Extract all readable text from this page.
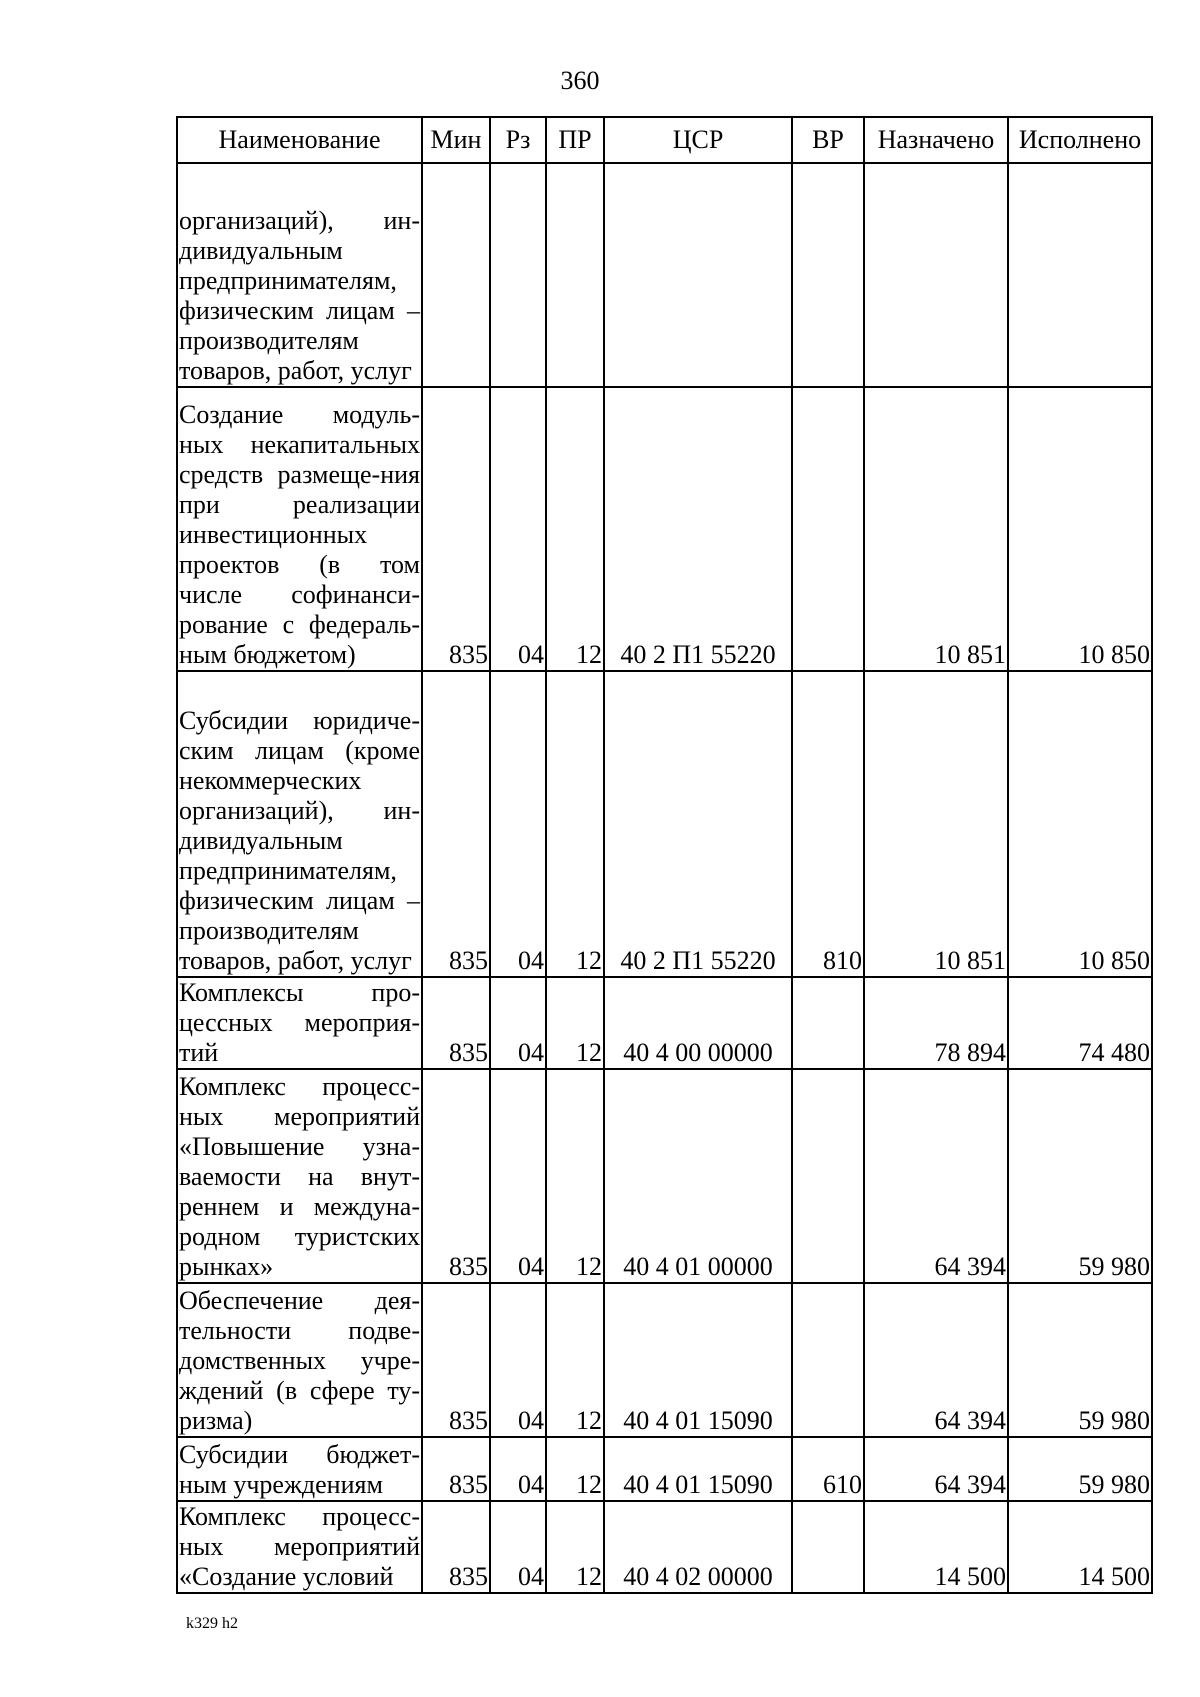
360
Наименование	Мин	Рз	ПР	ЦСР	ВР	Назначено	Исполнено

организаций), ин-дивидуальным предпринимателям, физическим лицам – производителям товаров, работ, услуг							

Создание модуль-ных некапитальных средств размеще-ния при реализации инвестиционных проектов (в том числе софинанси-рование с федераль-ным бюджетом)	835	04	12	40 2 П1 55220		10 851	10 850

Субсидии юридиче-ским лицам (кроме некоммерческих организаций), ин-дивидуальным предпринимателям, физическим лицам – производителям товаров, работ, услуг	835	04	12	40 2 П1 55220	810	10 851	10 850

Комплексы про-цессных мероприя-тий	835	04	12	40 4 00 00000		78 894	74 480

Комплекс процесс-ных мероприятий «Повышение узна-ваемости на внут-реннем и междуна-родном туристских рынках»	835	04	12	40 4 01 00000		64 394	59 980

Обеспечение дея-тельности подве-домственных учре-ждений (в сфере ту-ризма)	835	04	12	40 4 01 15090		64 394	59 980

Субсидии бюджет-ным учреждениям	835	04	12	40 4 01 15090	610	64 394	59 980

Комплекс процесс-ных мероприятий «Создание условий	835	04	12	40 4 02 00000		14 500	14 500
k329 h2
